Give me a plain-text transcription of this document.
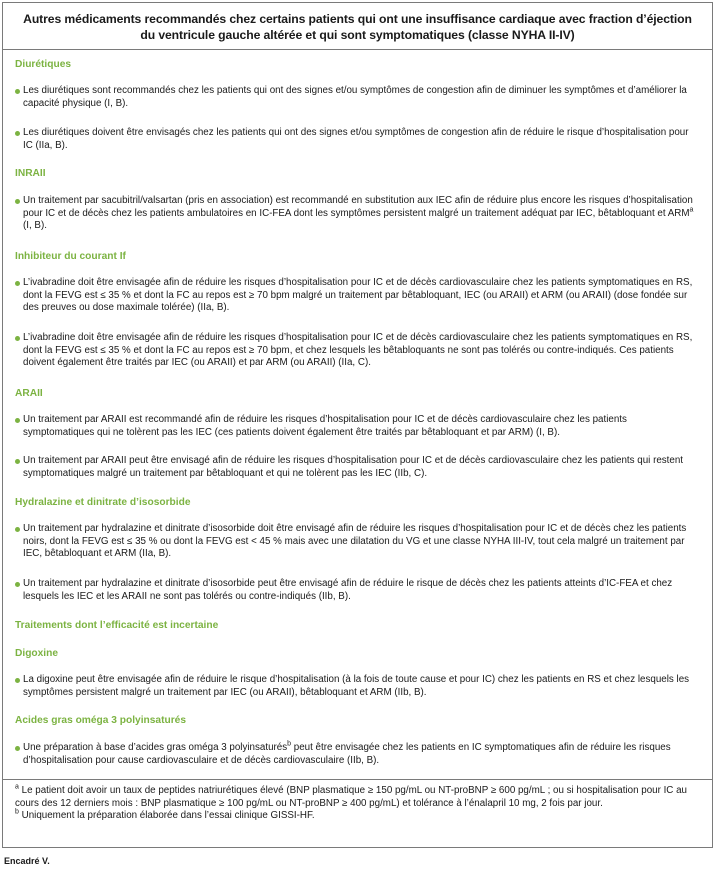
Autres médicaments recommandés chez certains patients qui ont une insuffisance cardiaque avec fraction d’éjection
du ventricule gauche altérée et qui sont symptomatiques (classe NYHA II-IV)
Diurétiques
Les diurétiques sont recommandés chez les patients qui ont des signes et/ou symptômes de congestion afin de diminuer les symptômes et d’améliorer la capacité physique (I, B).
Les diurétiques doivent être envisagés chez les patients qui ont des signes et/ou symptômes de congestion afin de réduire le risque d’hospitalisation pour IC (IIa, B).
INRAII
Un traitement par sacubitril/valsartan (pris en association) est recommandé en substitution aux IEC afin de réduire plus encore les risques d’hospitalisation pour IC et de décès chez les patients ambulatoires en IC-FEA dont les symptômes persistent malgré un traitement adéquat par IEC, bêtabloquant et ARM$^a$ (I, B).
Inhibiteur du courant If
L’ivabradine doit être envisagée afin de réduire les risques d’hospitalisation pour IC et de décès cardiovasculaire chez les patients symptomatiques en RS, dont la FEVG est ≤ 35 % et dont la FC au repos est ≥ 70 bpm malgré un traitement par bêtabloquant, IEC (ou ARAII) et ARM (ou ARAII) (dose fondée sur des preuves ou dose maximale tolérée) (IIa, B).
L’ivabradine doit être envisagée afin de réduire les risques d’hospitalisation pour IC et de décès cardiovasculaire chez les patients symptomatiques en RS, dont la FEVG est ≤ 35 % et dont la FC au repos est ≥ 70 bpm, et chez lesquels les bêtabloquants ne sont pas tolérés ou contre-indiqués. Ces patients doivent également être traités par IEC (ou ARAII) et par ARM (ou ARAII) (IIa, C).
ARAII
Un traitement par ARAII est recommandé afin de réduire les risques d’hospitalisation pour IC et de décès cardiovasculaire chez les patients symptomatiques qui ne tolèrent pas les IEC (ces patients doivent également être traités par bêtabloquant et par ARM) (I, B).
Un traitement par ARAII peut être envisagé afin de réduire les risques d’hospitalisation pour IC et de décès cardiovasculaire chez les patients qui restent symptomatiques malgré un traitement par bêtabloquant et qui ne tolèrent pas les IEC (IIb, C).
Hydralazine et dinitrate d’isosorbide
Un traitement par hydralazine et dinitrate d’isosorbide doit être envisagé afin de réduire les risques d’hospitalisation pour IC et de décès chez les patients noirs, dont la FEVG est ≤ 35 % ou dont la FEVG est < 45 % mais avec une dilatation du VG et une classe NYHA III-IV, tout cela malgré un traitement par IEC, bêtabloquant et ARM (IIa, B).
Un traitement par hydralazine et dinitrate d’isosorbide peut être envisagé afin de réduire le risque de décès chez les patients atteints d’IC-FEA et chez lesquels les IEC et les ARAII ne sont pas tolérés ou contre-indiqués (IIb, B).
Traitements dont l’efficacité est incertaine
Digoxine
La digoxine peut être envisagée afin de réduire le risque d’hospitalisation (à la fois de toute cause et pour IC) chez les patients en RS et chez lesquels les symptômes persistent malgré un traitement par IEC (ou ARAII), bêtabloquant et ARM (IIb, B).
Acides gras oméga 3 polyinsaturés
Une préparation à base d’acides gras oméga 3 polyinsaturés$^b$ peut être envisagée chez les patients en IC symptomatiques afin de réduire les risques d’hospitalisation pour cause cardiovasculaire et de décès cardiovasculaire (IIb, B).

$^a$ Le patient doit avoir un taux de peptides natriurétiques élevé (BNP plasmatique ≥ 150 pg/mL ou NT-proBNP ≥ 600 pg/mL ; ou si hospitalisation pour IC au cours des 12 derniers mois : BNP plasmatique ≥ 100 pg/mL ou NT-proBNP ≥ 400 pg/mL) et tolérance à l’énalapril 10 mg, 2 fois par jour.

$^b$ Uniquement la préparation élaborée dans l’essai clinique GISSI-HF.

Encadré V.
